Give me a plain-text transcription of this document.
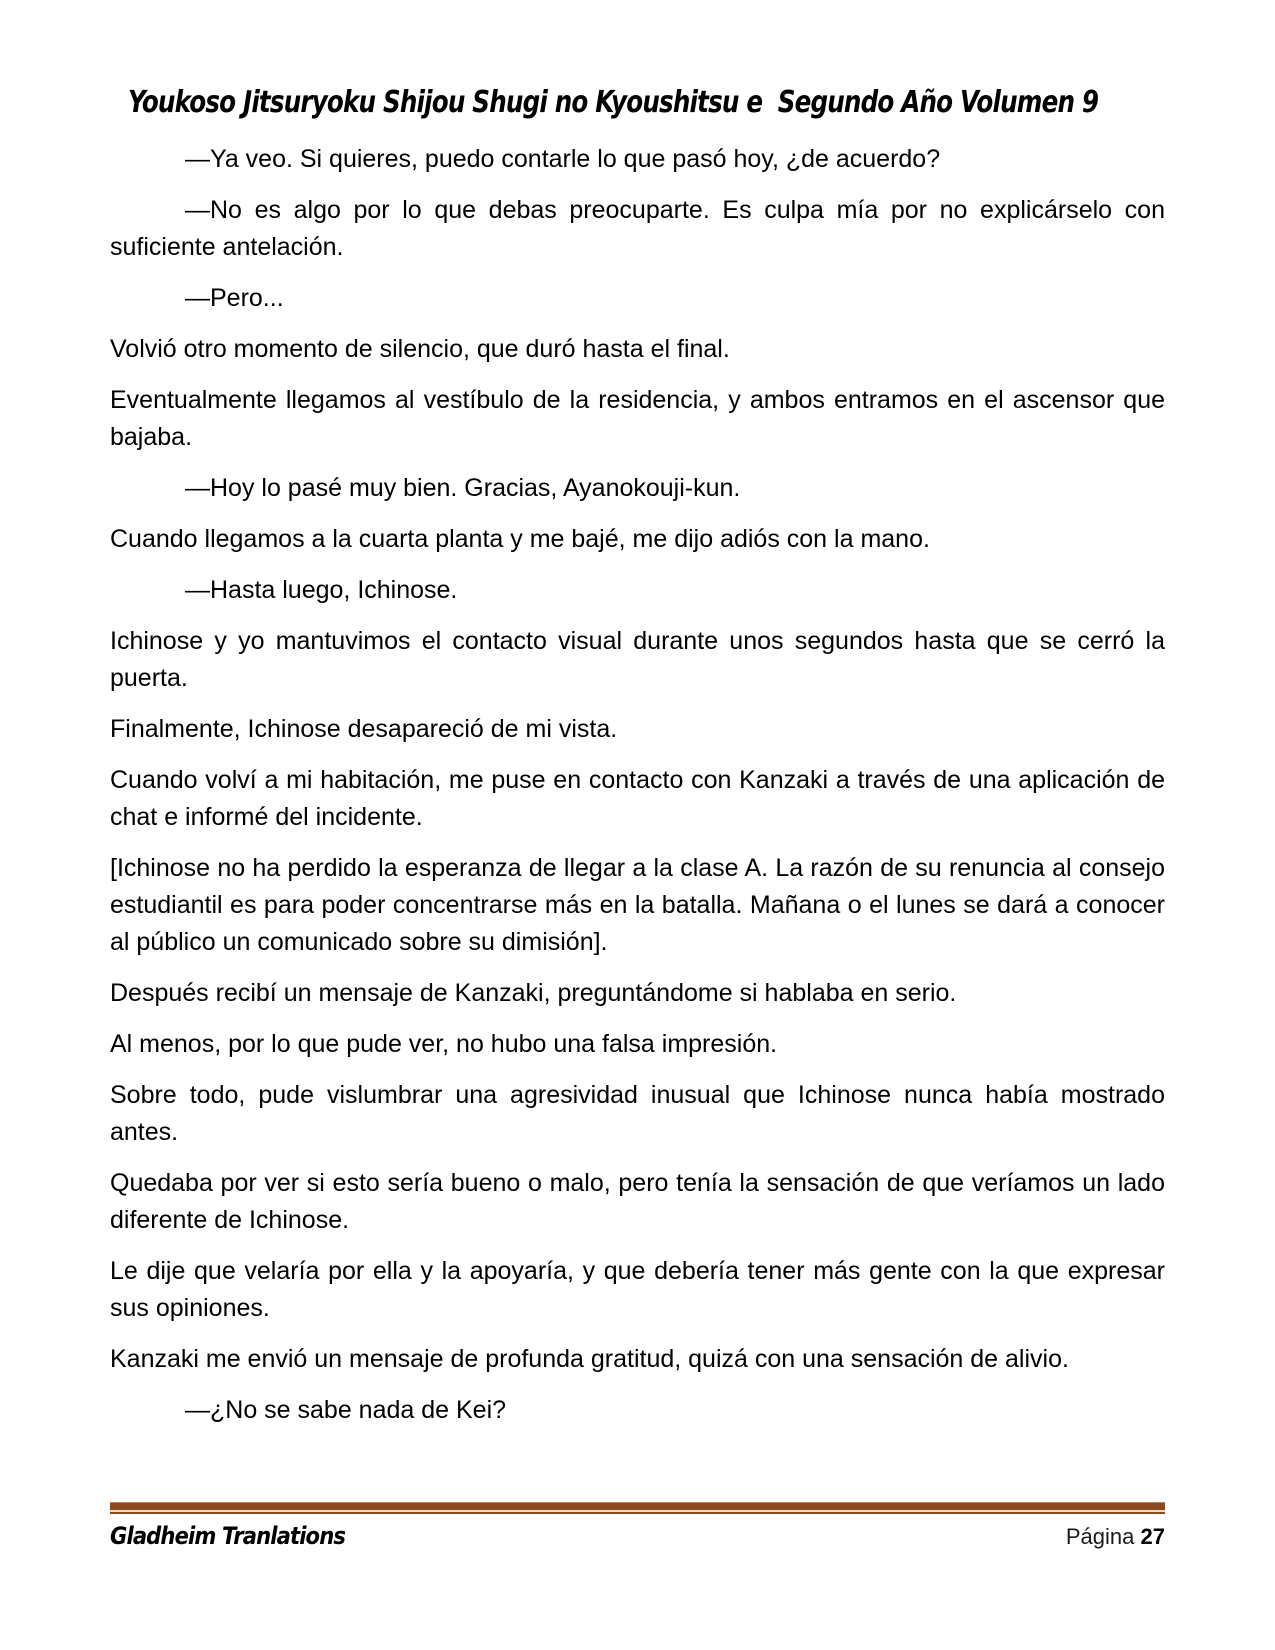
Youkoso Jitsuryoku Shijou Shugi no Kyoushitsu e  Segundo Año Volumen 9

—Ya veo. Si quieres, puedo contarle lo que pasó hoy, ¿de acuerdo?

—No es algo por lo que debas preocuparte. Es culpa mía por no explicárselo con suficiente antelación.

—Pero...

Volvió otro momento de silencio, que duró hasta el final.

Eventualmente llegamos al vestíbulo de la residencia, y ambos entramos en el ascensor que bajaba.

—Hoy lo pasé muy bien. Gracias, Ayanokouji-kun.

Cuando llegamos a la cuarta planta y me bajé, me dijo adiós con la mano.

—Hasta luego, Ichinose.

Ichinose y yo mantuvimos el contacto visual durante unos segundos hasta que se cerró la puerta.

Finalmente, Ichinose desapareció de mi vista.

Cuando volví a mi habitación, me puse en contacto con Kanzaki a través de una aplicación de chat e informé del incidente.

[Ichinose no ha perdido la esperanza de llegar a la clase A. La razón de su renuncia al consejo estudiantil es para poder concentrarse más en la batalla. Mañana o el lunes se dará a conocer al público un comunicado sobre su dimisión].

Después recibí un mensaje de Kanzaki, preguntándome si hablaba en serio.

Al menos, por lo que pude ver, no hubo una falsa impresión.

Sobre todo, pude vislumbrar una agresividad inusual que Ichinose nunca había mostrado antes.

Quedaba por ver si esto sería bueno o malo, pero tenía la sensación de que veríamos un lado diferente de Ichinose.

Le dije que velaría por ella y la apoyaría, y que debería tener más gente con la que expresar sus opiniones.

Kanzaki me envió un mensaje de profunda gratitud, quizá con una sensación de alivio.

—¿No se sabe nada de Kei?

Gladheim Tranlations	Página 27
